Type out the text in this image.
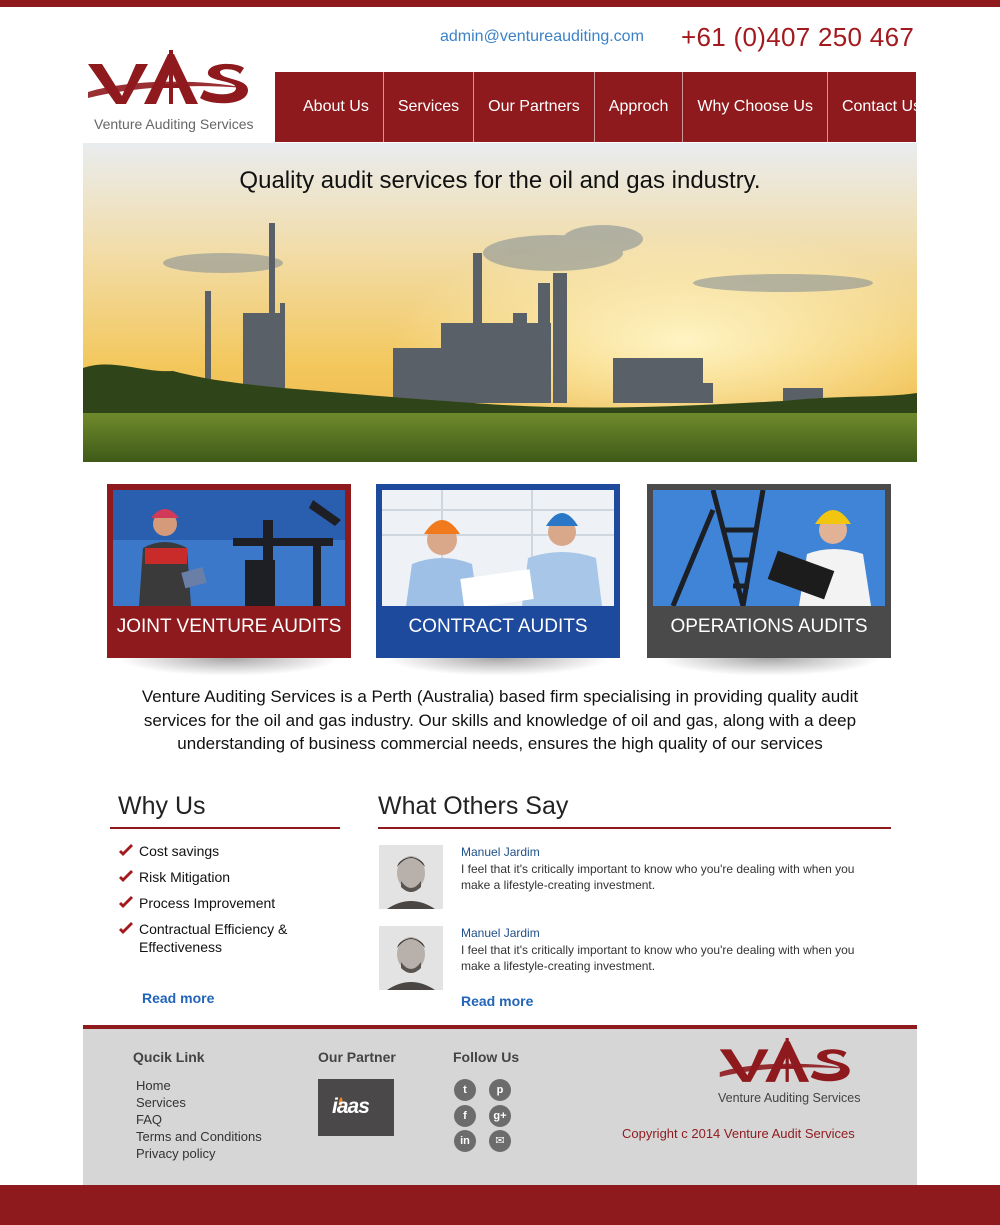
admin@ventureauditing.com +61 (0)407 250 467
Venture Auditing Services
About Us	Services	Our Partners	Approch	Why Choose Us	Contact Us
Quality audit services for the oil and gas industry.
JOINT VENTURE AUDITS	CONTRACT AUDITS	OPERATIONS AUDITS
Venture Auditing Services is a Perth (Australia) based firm specialising in providing quality audit services for the oil and gas industry. Our skills and knowledge of oil and gas, along with a deep understanding of business commercial needs, ensures the high quality of our services
Why Us
Cost savings
Risk Mitigation
Process Improvement
Contractual Efficiency & Effectiveness
Read more
What Others Say
Manuel Jardim
I feel that it's critically important to know who you're dealing with when you make a lifestyle-creating investment.
Manuel Jardim
I feel that it's critically important to know who you're dealing with when you make a lifestyle-creating investment.
Read more
Qucik Link
Home
Services
FAQ
Terms and Conditions
Privacy policy
Our Partner
iaas
Follow Us
t	p
f g+
in ✉	Copyright c 2014 Venture Audit Services
Venture Auditing Services
